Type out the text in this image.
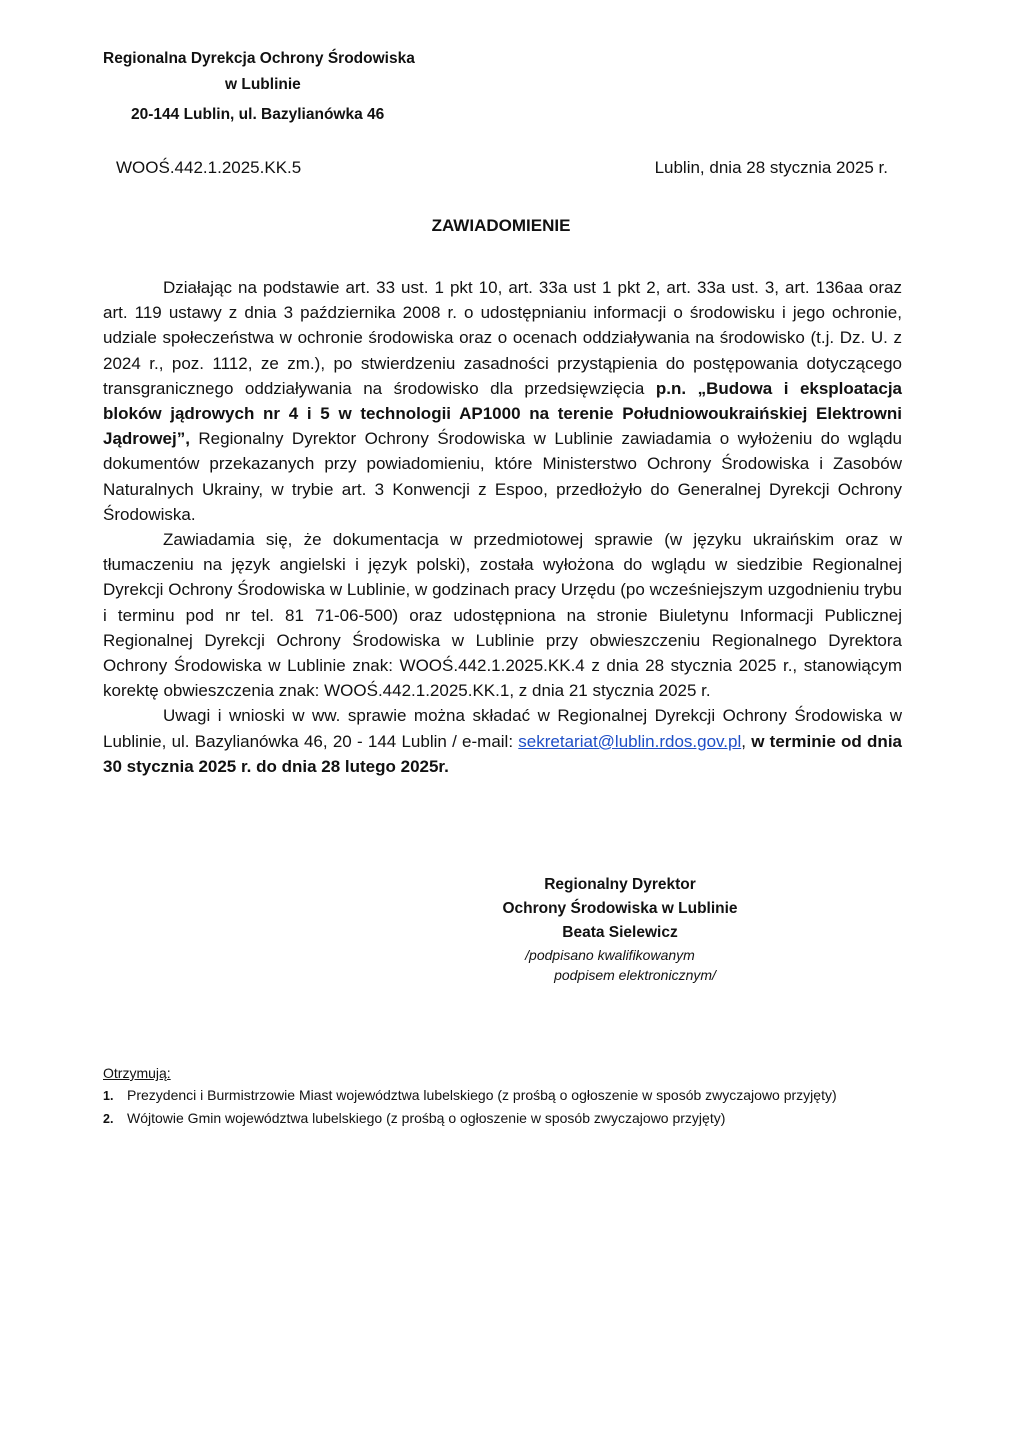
Regionalna Dyrekcja Ochrony Środowiska
w Lublinie
20-144 Lublin, ul. Bazylianówka 46
WOOŚ.442.1.2025.KK.5	Lublin, dnia 28 stycznia 2025 r.
ZAWIADOMIENIE

Działając na podstawie art. 33 ust. 1 pkt 10, art. 33a ust 1 pkt 2, art. 33a ust. 3, art. 136aa oraz art. 119 ustawy z dnia 3 października 2008 r. o udostępnianiu informacji o środowisku i jego ochronie, udziale społeczeństwa w ochronie środowiska oraz o ocenach oddziaływania na środowisko (t.j. Dz. U. z 2024 r., poz. 1112, ze zm.), po stwierdzeniu zasadności przystąpienia do postępowania dotyczącego transgranicznego oddziaływania na środowisko dla przedsięwzięcia p.n. „Budowa i eksploatacja bloków jądrowych nr 4 i 5 w technologii AP1000 na terenie Południowoukraińskiej Elektrowni Jądrowej”, Regionalny Dyrektor Ochrony Środowiska w Lublinie zawiadamia o wyłożeniu do wglądu dokumentów przekazanych przy powiadomieniu, które Ministerstwo Ochrony Środowiska i Zasobów Naturalnych Ukrainy, w trybie art. 3 Konwencji z Espoo, przedłożyło do Generalnej Dyrekcji Ochrony Środowiska.

Zawiadamia się, że dokumentacja w przedmiotowej sprawie (w języku ukraińskim oraz w tłumaczeniu na język angielski i język polski), została wyłożona do wglądu w siedzibie Regionalnej Dyrekcji Ochrony Środowiska w Lublinie, w godzinach pracy Urzędu (po wcześniejszym uzgodnieniu trybu i terminu pod nr tel. 81 71-06-500) oraz udostępniona na stronie Biuletynu Informacji Publicznej Regionalnej Dyrekcji Ochrony Środowiska w Lublinie przy obwieszczeniu Regionalnego Dyrektora Ochrony Środowiska w Lublinie znak: WOOŚ.442.1.2025.KK.4 z dnia 28 stycznia 2025 r., stanowiącym korektę obwieszczenia znak: WOOŚ.442.1.2025.KK.1, z dnia 21 stycznia 2025 r.

Uwagi i wnioski w ww. sprawie można składać w Regionalnej Dyrekcji Ochrony Środowiska w Lublinie, ul. Bazylianówka 46, 20 - 144 Lublin / e-mail: sekretariat@lublin.rdos.gov.pl, w terminie od dnia 30 stycznia 2025 r. do dnia 28 lutego 2025r.

Regionalny Dyrektor
Ochrony Środowiska w Lublinie
Beata Sielewicz
/podpisano kwalifikowanym
podpisem elektronicznym/
Otrzymują:
1. Prezydenci i Burmistrzowie Miast województwa lubelskiego (z prośbą o ogłoszenie w sposób zwyczajowo przyjęty)
2. Wójtowie Gmin województwa lubelskiego (z prośbą o ogłoszenie w sposób zwyczajowo przyjęty)
